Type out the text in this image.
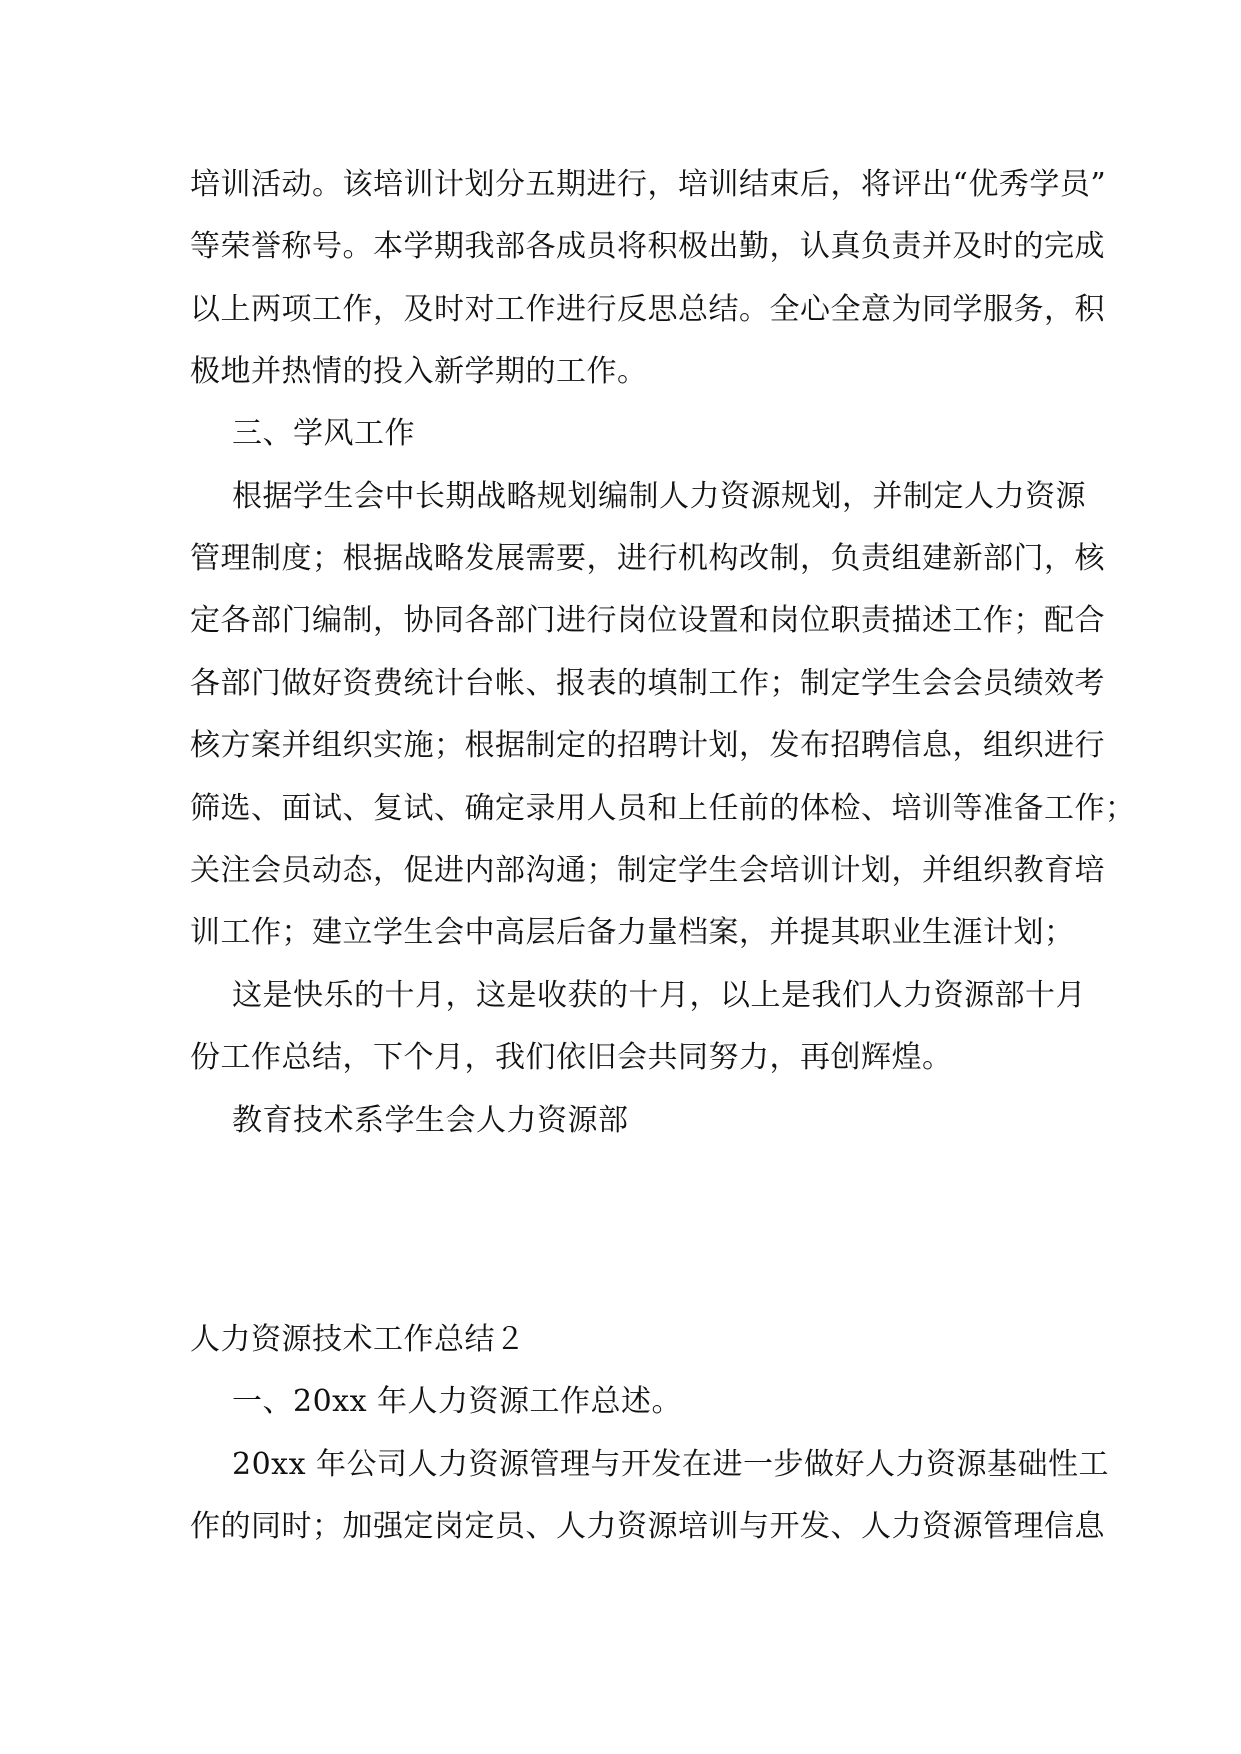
培训活动。该培训计划分五期进行，培训结束后，将评出“优秀学员”
等荣誉称号。本学期我部各成员将积极出勤，认真负责并及时的完成
以上两项工作，及时对工作进行反思总结。全心全意为同学服务，积
极地并热情的投入新学期的工作。
三、学风工作
根据学生会中长期战略规划编制人力资源规划，并制定人力资源
管理制度；根据战略发展需要，进行机构改制，负责组建新部门，核
定各部门编制，协同各部门进行岗位设置和岗位职责描述工作；配合
各部门做好资费统计台帐、报表的填制工作；制定学生会会员绩效考
核方案并组织实施；根据制定的招聘计划，发布招聘信息，组织进行
筛选、面试、复试、确定录用人员和上任前的体检、培训等准备工作；
关注会员动态，促进内部沟通；制定学生会培训计划，并组织教育培
训工作；建立学生会中高层后备力量档案，并提其职业生涯计划；
这是快乐的十月，这是收获的十月，以上是我们人力资源部十月
份工作总结，下个月，我们依旧会共同努力，再创辉煌。
教育技术系学生会人力资源部
人力资源技术工作总结２
一、20xx 年人力资源工作总述。
20xx 年公司人力资源管理与开发在进一步做好人力资源基础性工
作的同时；加强定岗定员、人力资源培训与开发、人力资源管理信息
